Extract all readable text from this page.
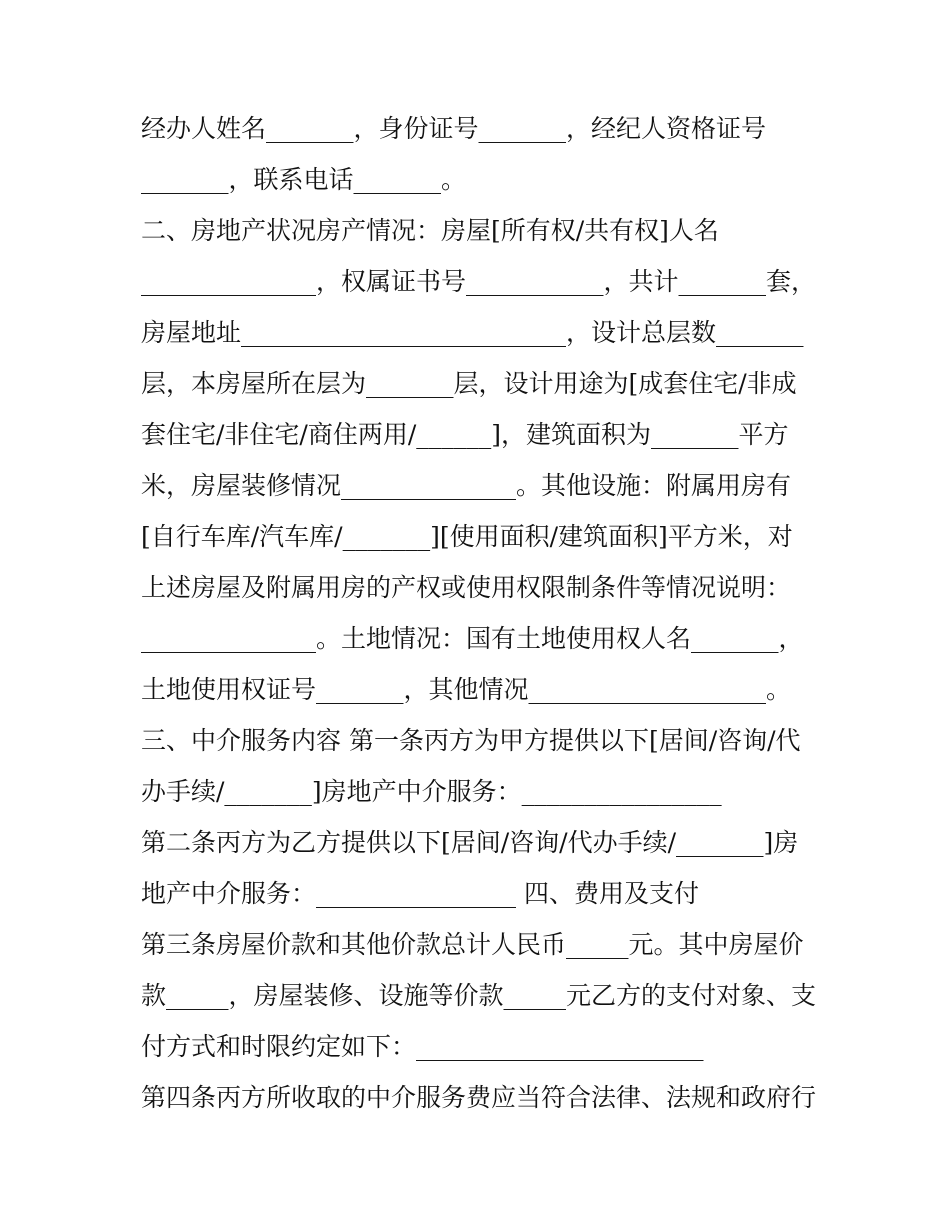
经办人姓名_______，身份证号_______，经纪人资格证号
_______，联系电话_______。
二、房地产状况房产情况：房屋[所有权/共有权]人名
______________，权属证书号___________，共计_______套，
房屋地址__________________________，设计总层数_______
层，本房屋所在层为_______层，设计用途为[成套住宅/非成
套住宅/非住宅/商住两用/______]，建筑面积为_______平方
米，房屋装修情况______________。其他设施：附属用房有
[自行车库/汽车库/_______][使用面积/建筑面积]平方米，对
上述房屋及附属用房的产权或使用权限制条件等情况说明：
______________。土地情况：国有土地使用权人名_______，
土地使用权证号_______，其他情况___________________。
三、中介服务内容 第一条丙方为甲方提供以下[居间/咨询/代
办手续/_______]房地产中介服务：________________
第二条丙方为乙方提供以下[居间/咨询/代办手续/_______]房
地产中介服务：________________ 四、费用及支付
第三条房屋价款和其他价款总计人民币_____元。其中房屋价
款_____，房屋装修、设施等价款_____元乙方的支付对象、支
付方式和时限约定如下：_______________________
第四条丙方所收取的中介服务费应当符合法律、法规和政府行
